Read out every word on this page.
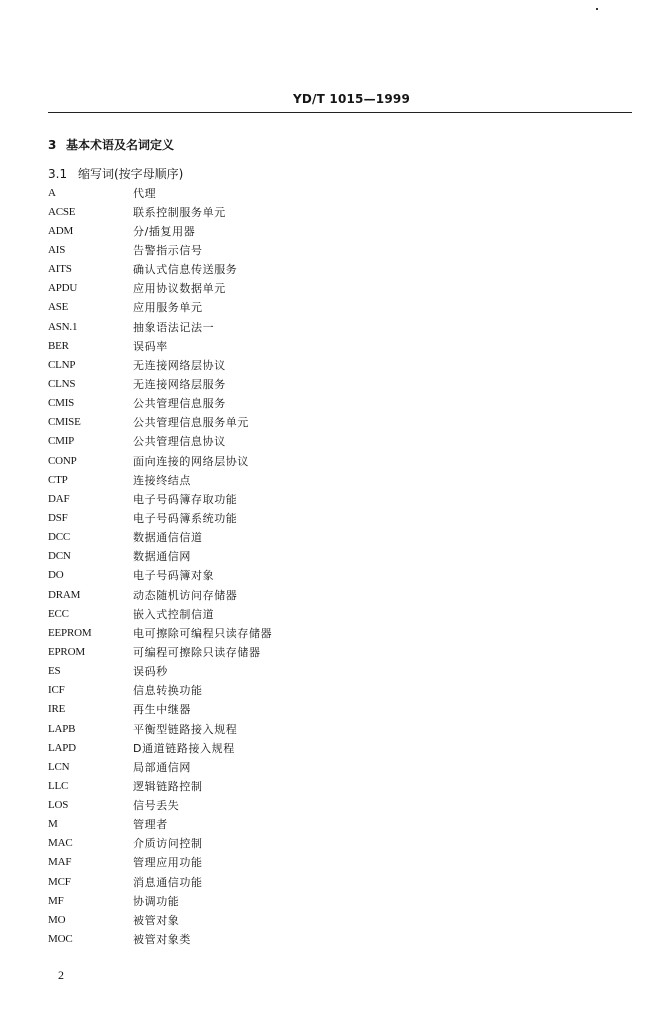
YD/T 1015—1999
3 基本术语及名词定义
3.1 缩写词(按字母顺序)
A	代理
ACSE	联系控制服务单元
ADM	分/插复用器
AIS	告警指示信号
AITS	确认式信息传送服务
APDU	应用协议数据单元
ASE	应用服务单元
ASN.1	抽象语法记法一
BER	误码率
CLNP	无连接网络层协议
CLNS	无连接网络层服务
CMIS	公共管理信息服务
CMISE	公共管理信息服务单元
CMIP	公共管理信息协议
CONP	面向连接的网络层协议
CTP	连接终结点
DAF	电子号码簿存取功能
DSF	电子号码簿系统功能
DCC	数据通信信道
DCN	数据通信网
DO	电子号码簿对象
DRAM	动态随机访问存储器
ECC	嵌入式控制信道
EEPROM	电可擦除可编程只读存储器
EPROM	可编程可擦除只读存储器
ES	误码秒
ICF	信息转换功能
IRE	再生中继器
LAPB	平衡型链路接入规程
LAPD	D通道链路接入规程
LCN	局部通信网
LLC	逻辑链路控制
LOS	信号丢失
M	管理者
MAC	介质访问控制
MAF	管理应用功能
MCF	消息通信功能
MF	协调功能
MO	被管对象
MOC	被管对象类
2
